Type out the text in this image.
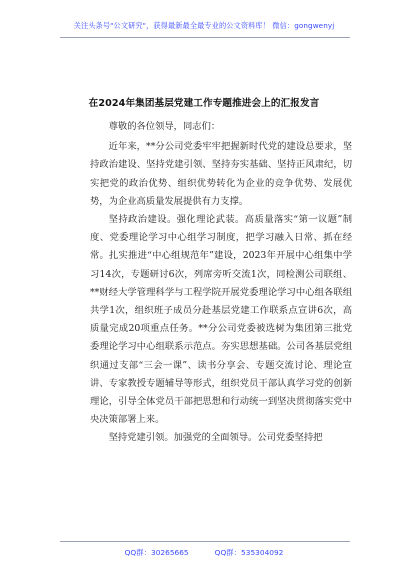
关注头条号"公文研究"，获得最新最全最专业的公文资料库！ 微信：gongwenyj
在2024年集团基层党建工作专题推进会上的汇报发言

尊敬的各位领导，同志们：

近年来，**分公司党委牢牢把握新时代党的建设总要求，坚持政治建设、坚持党建引领、坚持夯实基础、坚持正风肃纪，切实把党的政治优势、组织优势转化为企业的竞争优势、发展优势，为企业高质量发展提供有力支撑。

坚持政治建设。强化理论武装。高质量落实“第一议题”制度、党委理论学习中心组学习制度，把学习融入日常、抓在经常。扎实推进“中心组规范年”建设，2023年开展中心组集中学习14次，专题研讨6次，列席旁听交流1次，同检测公司联组、**财经大学管理科学与工程学院开展党委理论学习中心组各联组共学1次，组织班子成员分赴基层党建工作联系点宣讲6次，高质量完成20项重点任务。**分公司党委被选树为集团第三批党委理论学习中心组联系示范点。夯实思想基础。公司各基层党组织通过支部“三会一课”、读书分享会、专题交流讨论、理论宣讲、专家教授专题辅导等形式，组织党员干部认真学习党的创新理论，引导全体党员干部把思想和行动统一到坚决贯彻落实党中央决策部署上来。

坚持党建引领。加强党的全面领导。公司党委坚持把

QQ群：30265665	QQ群：535304092
